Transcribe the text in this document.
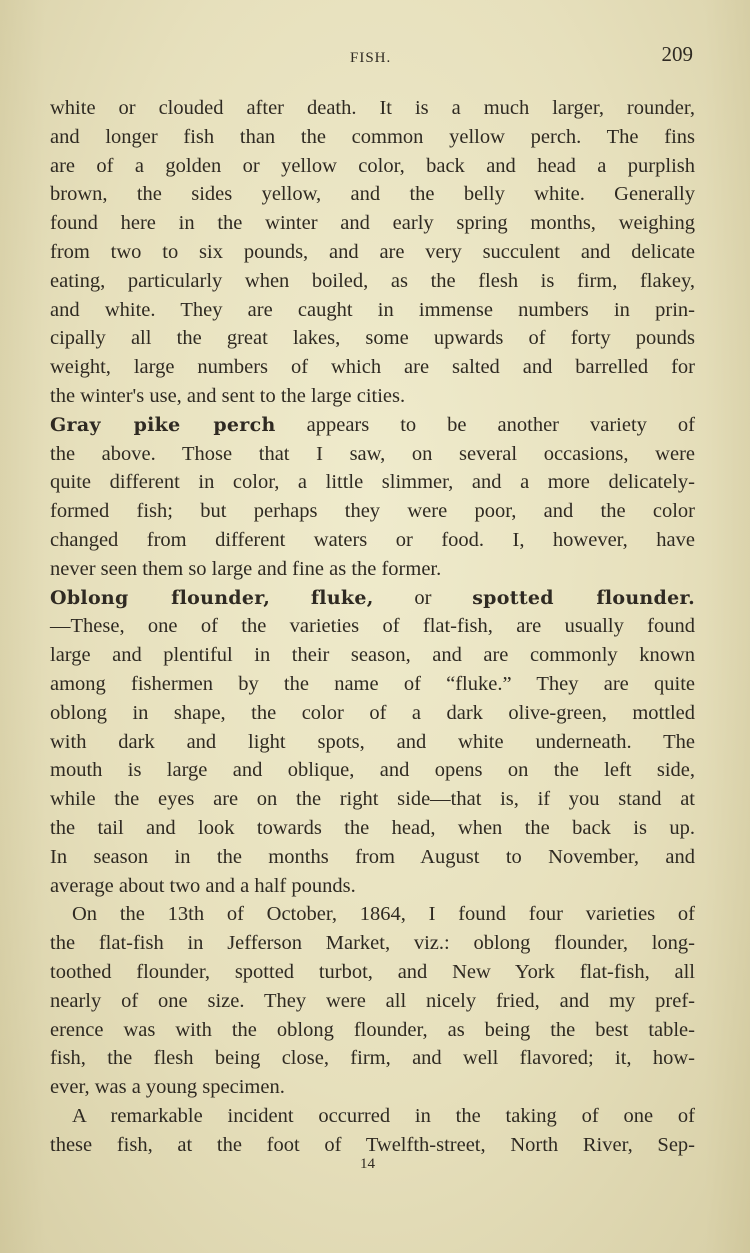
FISH.	209
white or clouded after death. It is a much larger, rounder,
and longer fish than the common yellow perch. The fins
are of a golden or yellow color, back and head a purplish
brown, the sides yellow, and the belly white. Generally
found here in the winter and early spring months, weighing
from two to six pounds, and are very succulent and delicate
eating, particularly when boiled, as the flesh is firm, flakey,
and white. They are caught in immense numbers in prin-
cipally all the great lakes, some upwards of forty pounds
weight, large numbers of which are salted and barrelled for
the winter's use, and sent to the large cities.
Gray pike perch appears to be another variety of
the above. Those that I saw, on several occasions, were
quite different in color, a little slimmer, and a more delicately-
formed fish; but perhaps they were poor, and the color
changed from different waters or food. I, however, have
never seen them so large and fine as the former.
Oblong flounder, fluke, or spotted flounder.
—These, one of the varieties of flat-fish, are usually found
large and plentiful in their season, and are commonly known
among fishermen by the name of “fluke.” They are quite
oblong in shape, the color of a dark olive-green, mottled
with dark and light spots, and white underneath. The
mouth is large and oblique, and opens on the left side,
while the eyes are on the right side—that is, if you stand at
the tail and look towards the head, when the back is up.
In season in the months from August to November, and
average about two and a half pounds.
On the 13th of October, 1864, I found four varieties of
the flat-fish in Jefferson Market, viz.: oblong flounder, long-
toothed flounder, spotted turbot, and New York flat-fish, all
nearly of one size. They were all nicely fried, and my pref-
erence was with the oblong flounder, as being the best table-
fish, the flesh being close, firm, and well flavored; it, how-
ever, was a young specimen.
A remarkable incident occurred in the taking of one of
these fish, at the foot of Twelfth-street, North River, Sep-
14
